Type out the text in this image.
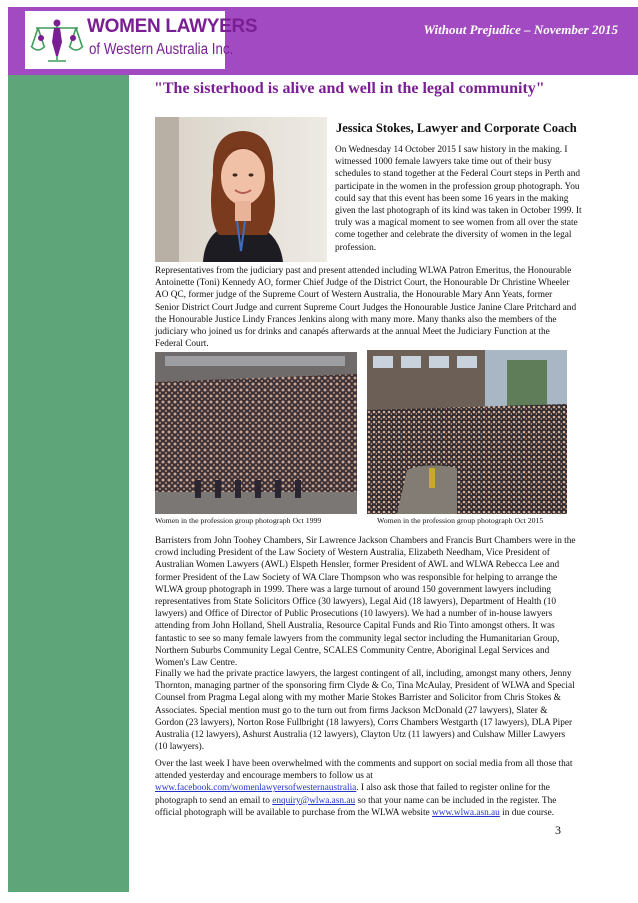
WOMEN LAWYERS
of Western Australia Inc.
Without Prejudice – November 2015
"The sisterhood is alive and well in the legal community"
Jessica Stokes, Lawyer and Corporate Coach
On Wednesday 14 October 2015 I saw history in the making. I witnessed 1000 female lawyers take time out of their busy schedules to stand together at the Federal Court steps in Perth and participate in the women in the profession group photograph. You could say that this event has been some 16 years in the making given the last photograph of its kind was taken in October 1999. It truly was a magical moment to see women from all over the state come together and celebrate the diversity of women in the legal profession.
Representatives from the judiciary past and present attended including WLWA Patron Emeritus, the Honourable Antoinette (Toni) Kennedy AO, former Chief Judge of the District Court, the Honourable Dr Christine Wheeler AO QC, former judge of the Supreme Court of Western Australia, the Honourable Mary Ann Yeats, former Senior District Court Judge and current Supreme Court Judges the Honourable Justice Janine Clare Pritchard and the Honourable Justice Lindy Frances Jenkins along with many more. Many thanks also the members of the judiciary who joined us for drinks and canapés afterwards at the annual Meet the Judiciary Function at the Federal Court.
Women in the profession group photograph Oct 1999	Women in the profession group photograph Oct 2015
Barristers from John Toohey Chambers, Sir Lawrence Jackson Chambers and Francis Burt Chambers were in the crowd including President of the Law Society of Western Australia, Elizabeth Needham, Vice President of Australian Women Lawyers (AWL) Elspeth Hensler, former President of AWL and WLWA Rebecca Lee and former President of the Law Society of WA Clare Thompson who was responsible for helping to arrange the WLWA group photograph in 1999. There was a large turnout of around 150 government lawyers including representatives from State Solicitors Office (30 lawyers), Legal Aid (18 lawyers), Department of Health (10 lawyers) and Office of Director of Public Prosecutions (10 lawyers). We had a number of in-house lawyers attending from John Holland, Shell Australia, Resource Capital Funds and Rio Tinto amongst others. It was fantastic to see so many female lawyers from the community legal sector including the Humanitarian Group, Northern Suburbs Community Legal Centre, SCALES Community Centre, Aboriginal Legal Services and Women's Law Centre.
Finally we had the private practice lawyers, the largest contingent of all, including, amongst many others, Jenny Thornton, managing partner of the sponsoring firm Clyde & Co, Tina McAulay, President of WLWA and Special Counsel from Pragma Legal along with my mother Marie Stokes Barrister and Solicitor from Chris Stokes & Associates. Special mention must go to the turn out from firms Jackson McDonald (27 lawyers), Slater & Gordon (23 lawyers), Norton Rose Fullbright (18 lawyers), Corrs Chambers Westgarth (17 lawyers), DLA Piper Australia (12 lawyers), Ashurst Australia (12 lawyers), Clayton Utz (11 lawyers) and Culshaw Miller Lawyers (10 lawyers).
Over the last week I have been overwhelmed with the comments and support on social media from all those that attended yesterday and encourage members to follow us at www.facebook.com/womenlawyersofwesternaustralia. I also ask those that failed to register online for the photograph to send an email to enquiry@wlwa.asn.au so that your name can be included in the register. The official photograph will be available to purchase from the WLWA website www.wlwa.asn.au in due course.
3
